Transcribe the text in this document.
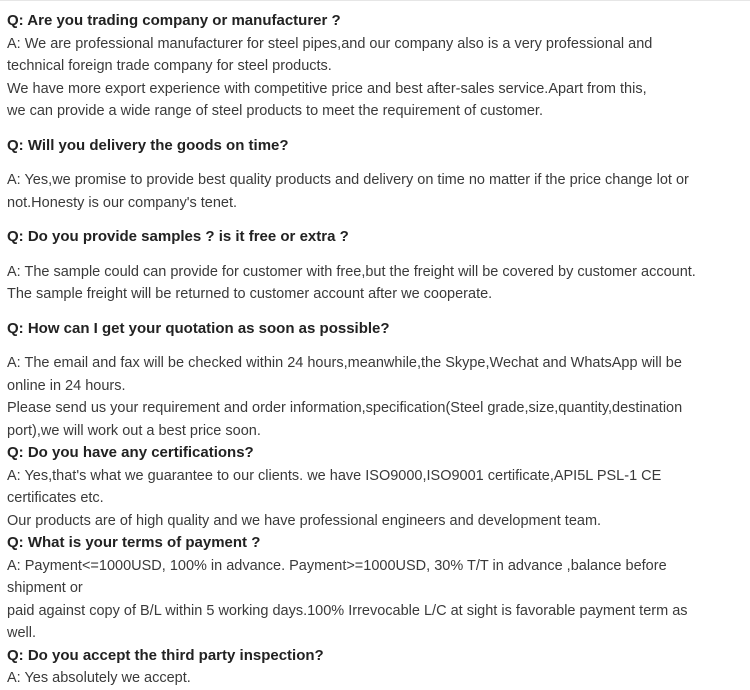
Q: Are you trading company or manufacturer ?

A: We are professional manufacturer for steel pipes,and our company also is a very professional and

technical foreign trade company for steel products.

We have more export experience with competitive price and best after-sales service.Apart from this,

we can provide a wide range of steel products to meet the requirement of customer.

Q: Will you delivery the goods on time?

A: Yes,we promise to provide best quality products and delivery on time no matter if the price change lot or

not.Honesty is our company's tenet.

Q: Do you provide samples ? is it free or extra ?

A: The sample could can provide for customer with free,but the freight will be covered by customer account.

The sample freight will be returned to customer account after we cooperate.

Q: How can I get your quotation as soon as possible?

A: The email and fax will be checked within 24 hours,meanwhile,the Skype,Wechat and WhatsApp will be

online in 24 hours.

Please send us your requirement and order information,specification(Steel grade,size,quantity,destination

port),we will work out a best price soon.

Q: Do you have any certifications?

A: Yes,that's what we guarantee to our clients. we have ISO9000,ISO9001 certificate,API5L PSL-1 CE

certificates etc.

Our products are of high quality and we have professional engineers and development team.

Q: What is your terms of payment ?

A: Payment<=1000USD, 100% in advance. Payment>=1000USD, 30% T/T in advance ,balance before

shipment or

paid against copy of B/L within 5 working days.100% Irrevocable L/C at sight is favorable payment term as

well.

Q: Do you accept the third party inspection?

A: Yes absolutely we accept.
